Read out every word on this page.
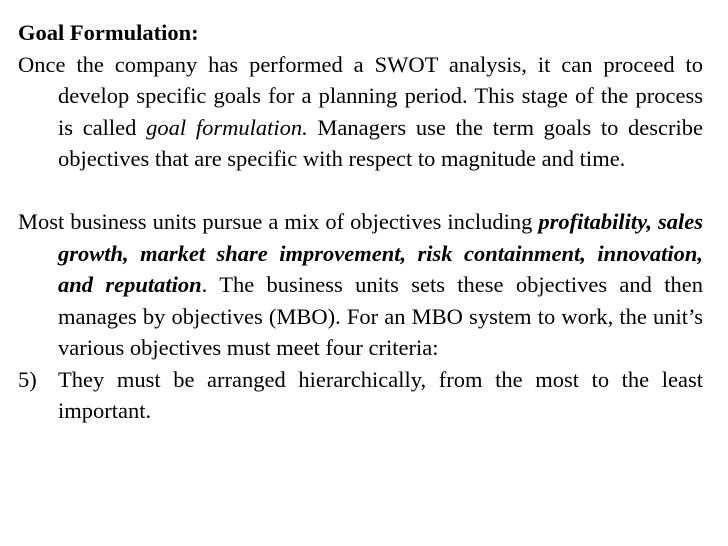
Goal Formulation:

Once the company has performed a SWOT analysis, it can proceed to develop specific goals for a planning period. This stage of the process is called goal formulation. Managers use the term goals to describe objectives that are specific with respect to magnitude and time.

Most business units pursue a mix of objectives including profitability, sales growth, market share improvement, risk containment, innovation, and reputation. The business units sets these objectives and then manages by objectives (MBO). For an MBO system to work, the unit’s various objectives must meet four criteria:

5) They must be arranged hierarchically, from the most to the least important.
